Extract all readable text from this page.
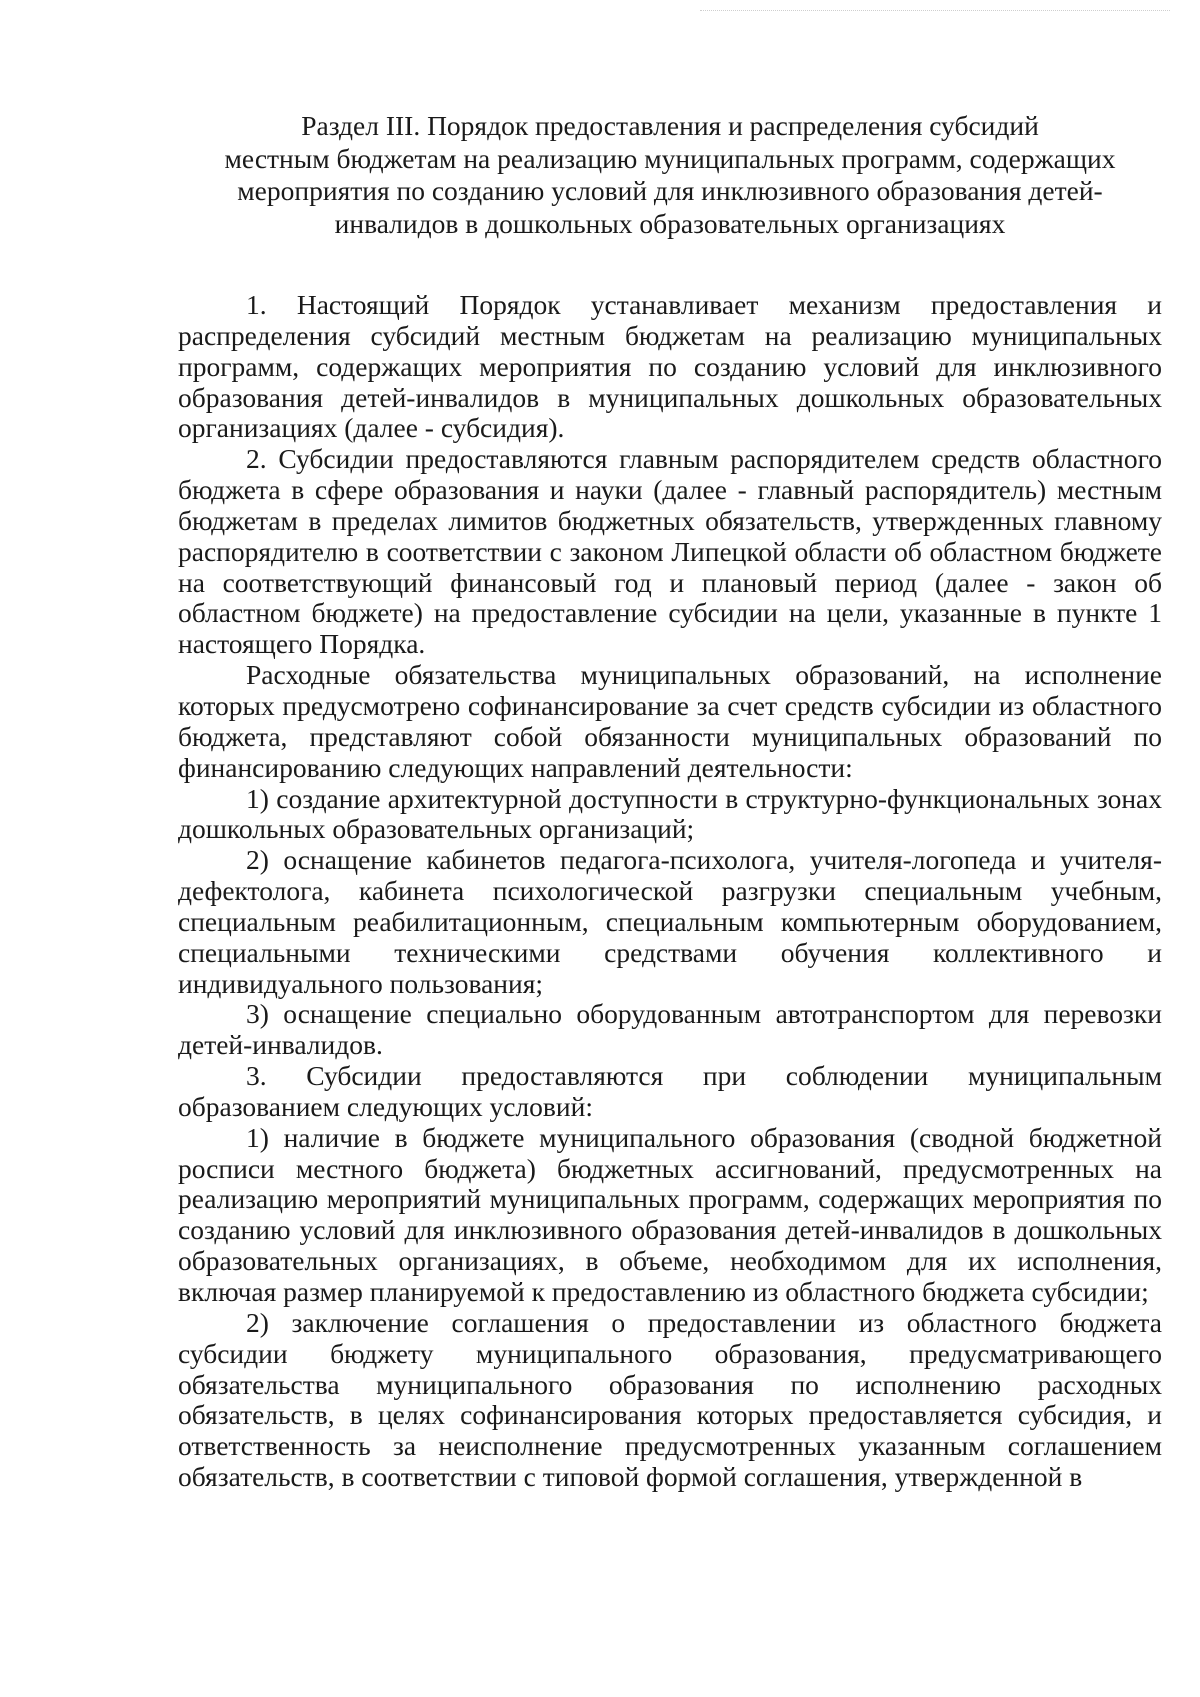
Раздел III. Порядок предоставления и распределения субсидий
местным бюджетам на реализацию муниципальных программ, содержащих
мероприятия по созданию условий для инклюзивного образования детей-
инвалидов в дошкольных образовательных организациях

1. Настоящий Порядок устанавливает механизм предоставления и распределения субсидий местным бюджетам на реализацию муниципальных программ, содержащих мероприятия по созданию условий для инклюзивного образования детей-инвалидов в муниципальных дошкольных образовательных организациях (далее - субсидия).

2. Субсидии предоставляются главным распорядителем средств областного бюджета в сфере образования и науки (далее - главный распорядитель) местным бюджетам в пределах лимитов бюджетных обязательств, утвержденных главному распорядителю в соответствии с законом Липецкой области об областном бюджете на соответствующий финансовый год и плановый период (далее - закон об областном бюджете) на предоставление субсидии на цели, указанные в пункте 1 настоящего Порядка.

Расходные обязательства муниципальных образований, на исполнение которых предусмотрено софинансирование за счет средств субсидии из областного бюджета, представляют собой обязанности муниципальных образований по финансированию следующих направлений деятельности:

1) создание архитектурной доступности в структурно-функциональных зонах дошкольных образовательных организаций;

2) оснащение кабинетов педагога-психолога, учителя-логопеда и учителя-дефектолога, кабинета психологической разгрузки специальным учебным, специальным реабилитационным, специальным компьютерным оборудованием, специальными техническими средствами обучения коллективного и индивидуального пользования;

3) оснащение специально оборудованным автотранспортом для перевозки детей-инвалидов.

3. Субсидии предоставляются при соблюдении муниципальным образованием следующих условий:

1) наличие в бюджете муниципального образования (сводной бюджетной росписи местного бюджета) бюджетных ассигнований, предусмотренных на реализацию мероприятий муниципальных программ, содержащих мероприятия по созданию условий для инклюзивного образования детей-инвалидов в дошкольных образовательных организациях, в объеме, необходимом для их исполнения, включая размер планируемой к предоставлению из областного бюджета субсидии;

2) заключение соглашения о предоставлении из областного бюджета субсидии бюджету муниципального образования, предусматривающего обязательства муниципального образования по исполнению расходных обязательств, в целях софинансирования которых предоставляется субсидия, и ответственность за неисполнение предусмотренных указанным соглашением обязательств, в соответствии с типовой формой соглашения, утвержденной в
